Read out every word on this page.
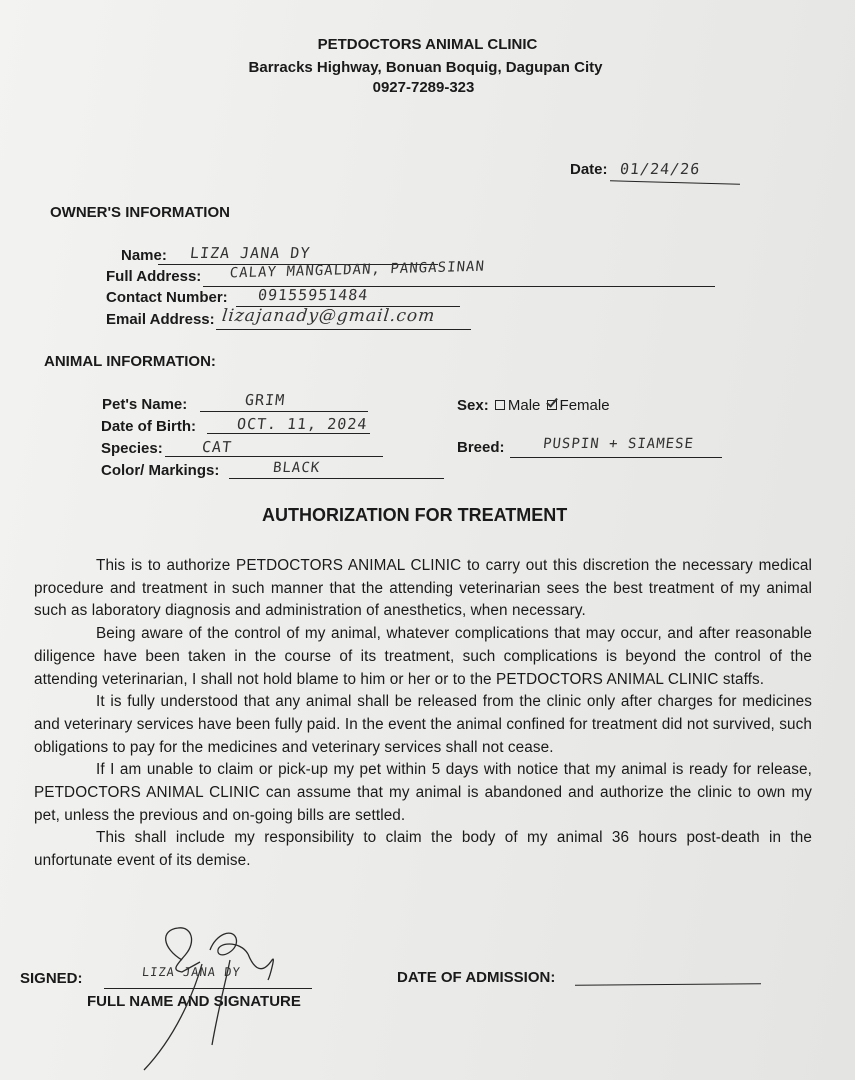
PETDOCTORS ANIMAL CLINIC
Barracks Highway, Bonuan Boquig, Dagupan City
0927-7289-323
Date: 01/24/26
OWNER'S INFORMATION
Name: LIZA JANA DY
Full Address: CALAY MANGALDAN, PANGASINAN
Contact Number: 09155951484
Email Address: lizajanady@gmail.com
ANIMAL INFORMATION:
Pet's Name:	GRIM
Date of Birth:	OCT. 11, 2024
Species:	CAT
Color/ Markings:	BLACK
Sex: Male Female
Breed:	PUSPIN + SIAMESE
AUTHORIZATION FOR TREATMENT

This is to authorize PETDOCTORS ANIMAL CLINIC to carry out this discretion the necessary medical procedure and treatment in such manner that the attending veterinarian sees the best treatment of my animal such as laboratory diagnosis and administration of anesthetics, when necessary.

Being aware of the control of my animal, whatever complications that may occur, and after reasonable diligence have been taken in the course of its treatment, such complications is beyond the control of the attending veterinarian, I shall not hold blame to him or her or to the PETDOCTORS ANIMAL CLINIC staffs.

It is fully understood that any animal shall be released from the clinic only after charges for medicines and veterinary services have been fully paid. In the event the animal confined for treatment did not survived, such obligations to pay for the medicines and veterinary services shall not cease.

If I am unable to claim or pick-up my pet within 5 days with notice that my animal is ready for release, PETDOCTORS ANIMAL CLINIC can assume that my animal is abandoned and authorize the clinic to own my pet, unless the previous and on-going bills are settled.

This shall include my responsibility to claim the body of my animal 36 hours post-death in the unfortunate event of its demise.

SIGNED:	LIZA JANA DY
FULL NAME AND SIGNATURE
DATE OF ADMISSION:
